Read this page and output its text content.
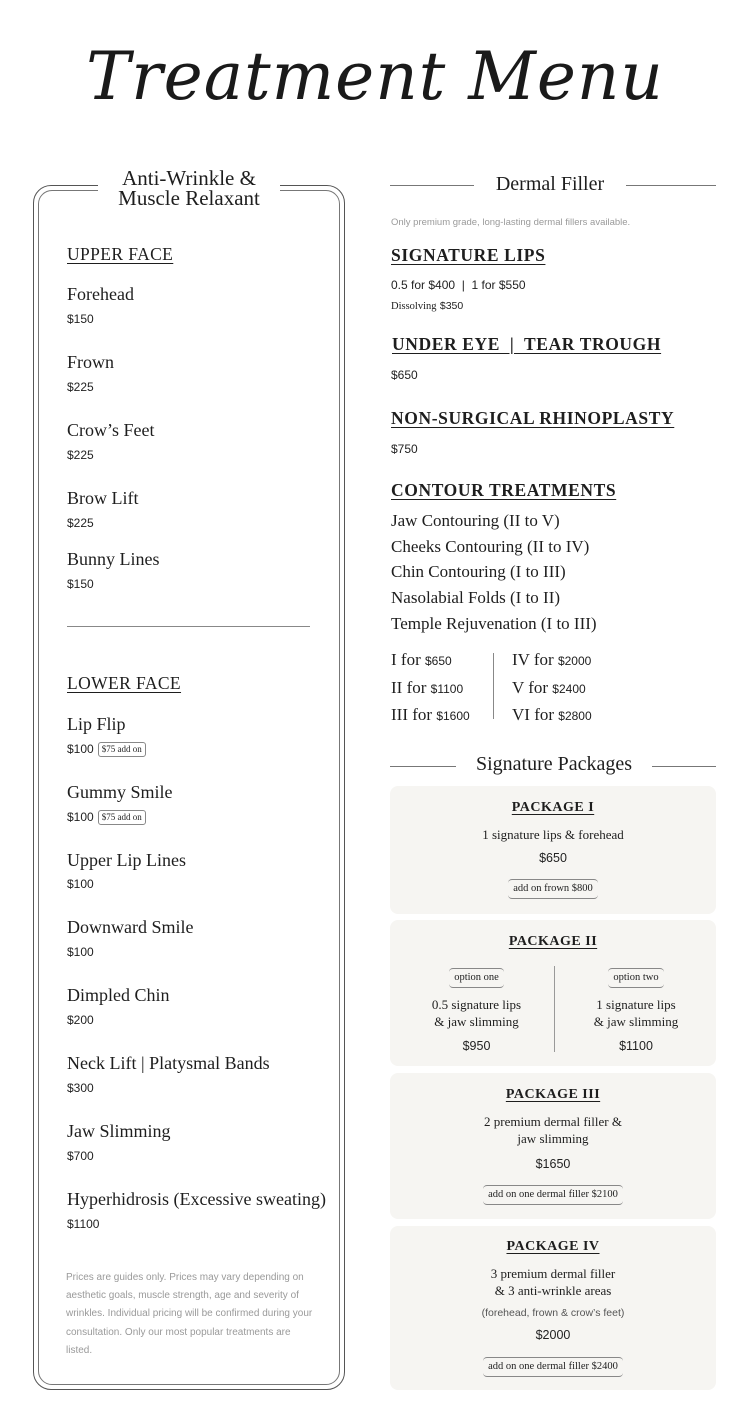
Treatment Menu
Anti-Wrinkle &
Muscle Relaxant
UPPER FACE
Forehead
$150
Frown
$225
Crow’s Feet
$225
Brow Lift
$225
Bunny Lines
$150
LOWER FACE
Lip Flip
$100 $75 add on
Gummy Smile
$100 $75 add on
Upper Lip Lines
$100
Downward Smile
$100
Dimpled Chin
$200
Neck Lift | Platysmal Bands
$300
Jaw Slimming
$700
Hyperhidrosis (Excessive sweating)
$1100
Prices are guides only. Prices may vary depending on aesthetic goals, muscle strength, age and severity of wrinkles. Individual pricing will be confirmed during your consultation. Only our most popular treatments are listed.
Dermal Filler
Only premium grade, long-lasting dermal fillers available.
SIGNATURE LIPS
0.5 for $400  |  1 for $550
Dissolving $350
UNDER EYE  |  TEAR TROUGH
$650
NON-SURGICAL RHINOPLASTY
$750
CONTOUR TREATMENTS
Jaw Contouring (II to V)
Cheeks Contouring (II to IV)
Chin Contouring (I to III)
Nasolabial Folds (I to II)
Temple Rejuvenation (I to III)
I for $650
II for $1100
III for $1600
IV for $2000
V for $2400
VI for $2800
Signature Packages
PACKAGE I
1 signature lips & forehead
$650
add on frown $800
PACKAGE II
option one
0.5 signature lips
& jaw slimming
$950
option two
1 signature lips
& jaw slimming
$1100
PACKAGE III
2 premium dermal filler &
jaw slimming
$1650
add on one dermal filler $2100
PACKAGE IV
3 premium dermal filler
& 3 anti-wrinkle areas
(forehead, frown & crow’s feet)
$2000
add on one dermal filler $2400
